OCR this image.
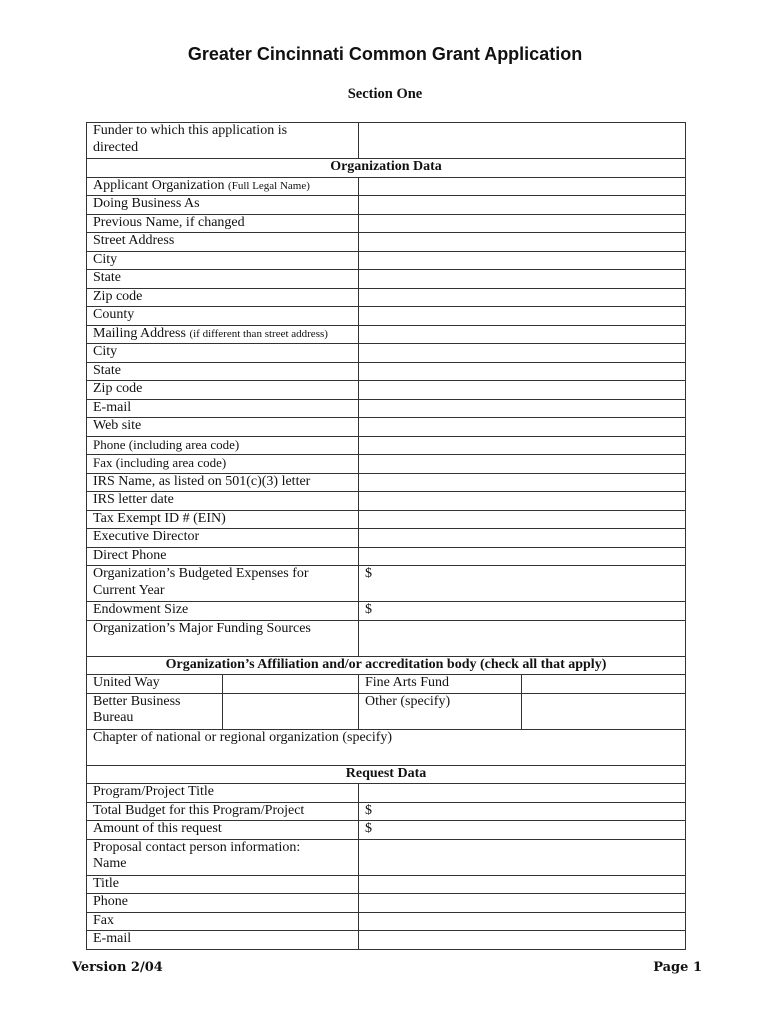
Greater Cincinnati Common Grant Application
Section One
Funder to which this application is
directed			
Organization Data			
Applicant Organization (Full Legal Name)			
Doing Business As			
Previous Name, if changed			
Street Address			
City			
State			
Zip code			
County			
Mailing Address (if different than street address)			
City			
State			
Zip code			
E-mail			
Web site			
Phone (including area code)			
Fax (including area code)			
IRS Name, as listed on 501(c)(3) letter			
IRS letter date			
Tax Exempt ID # (EIN)			
Executive Director			
Direct Phone			
Organization’s Budgeted Expenses for
Current Year		$	
Endowment Size		$	
Organization’s Major Funding Sources			
Organization’s Affiliation and/or accreditation body (check all that apply)			
United Way		Fine Arts Fund	
Better Business
Bureau		Other (specify)	
Chapter of national or regional organization (specify)			
Request Data			
Program/Project Title			
Total Budget for this Program/Project		$	
Amount of this request		$	
Proposal contact person information:
Name			
Title			
Phone			
Fax			
E-mail			
Version 2/04	Page 1
